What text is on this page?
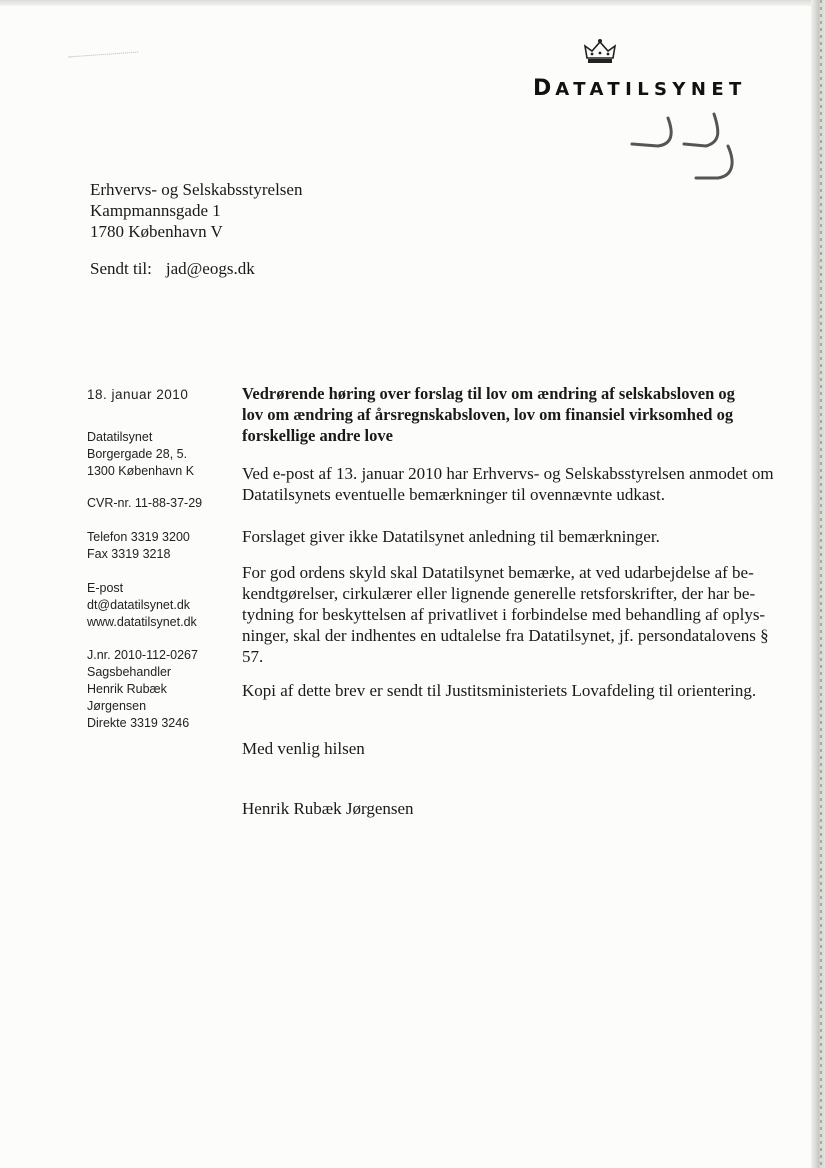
DATATILSYNET
Erhvervs- og Selskabsstyrelsen
Kampmannsgade 1
1780 København V
Sendt til: jad@eogs.dk
18. januar 2010
Datatilsynet
Borgergade 28, 5.
1300 København K
CVR-nr. 11-88-37-29
Telefon 3319 3200
Fax 3319 3218
E-post
dt@datatilsynet.dk
www.datatilsynet.dk
J.nr. 2010-112-0267
Sagsbehandler
Henrik Rubæk
Jørgensen
Direkte 3319 3246
Vedrørende høring over forslag til lov om ændring af selskabsloven og
lov om ændring af årsregnskabsloven, lov om finansiel virksomhed og
forskellige andre love
Ved e-post af 13. januar 2010 har Erhvervs- og Selskabsstyrelsen anmodet om
Datatilsynets eventuelle bemærkninger til ovennævnte udkast.
Forslaget giver ikke Datatilsynet anledning til bemærkninger.
For god ordens skyld skal Datatilsynet bemærke, at ved udarbejdelse af be-
kendtgørelser, cirkulærer eller lignende generelle retsforskrifter, der har be-
tydning for beskyttelsen af privatlivet i forbindelse med behandling af oplys-
ninger, skal der indhentes en udtalelse fra Datatilsynet, jf. persondatalovens §
57.
Kopi af dette brev er sendt til Justitsministeriets Lovafdeling til orientering.
Med venlig hilsen
Henrik Rubæk Jørgensen
